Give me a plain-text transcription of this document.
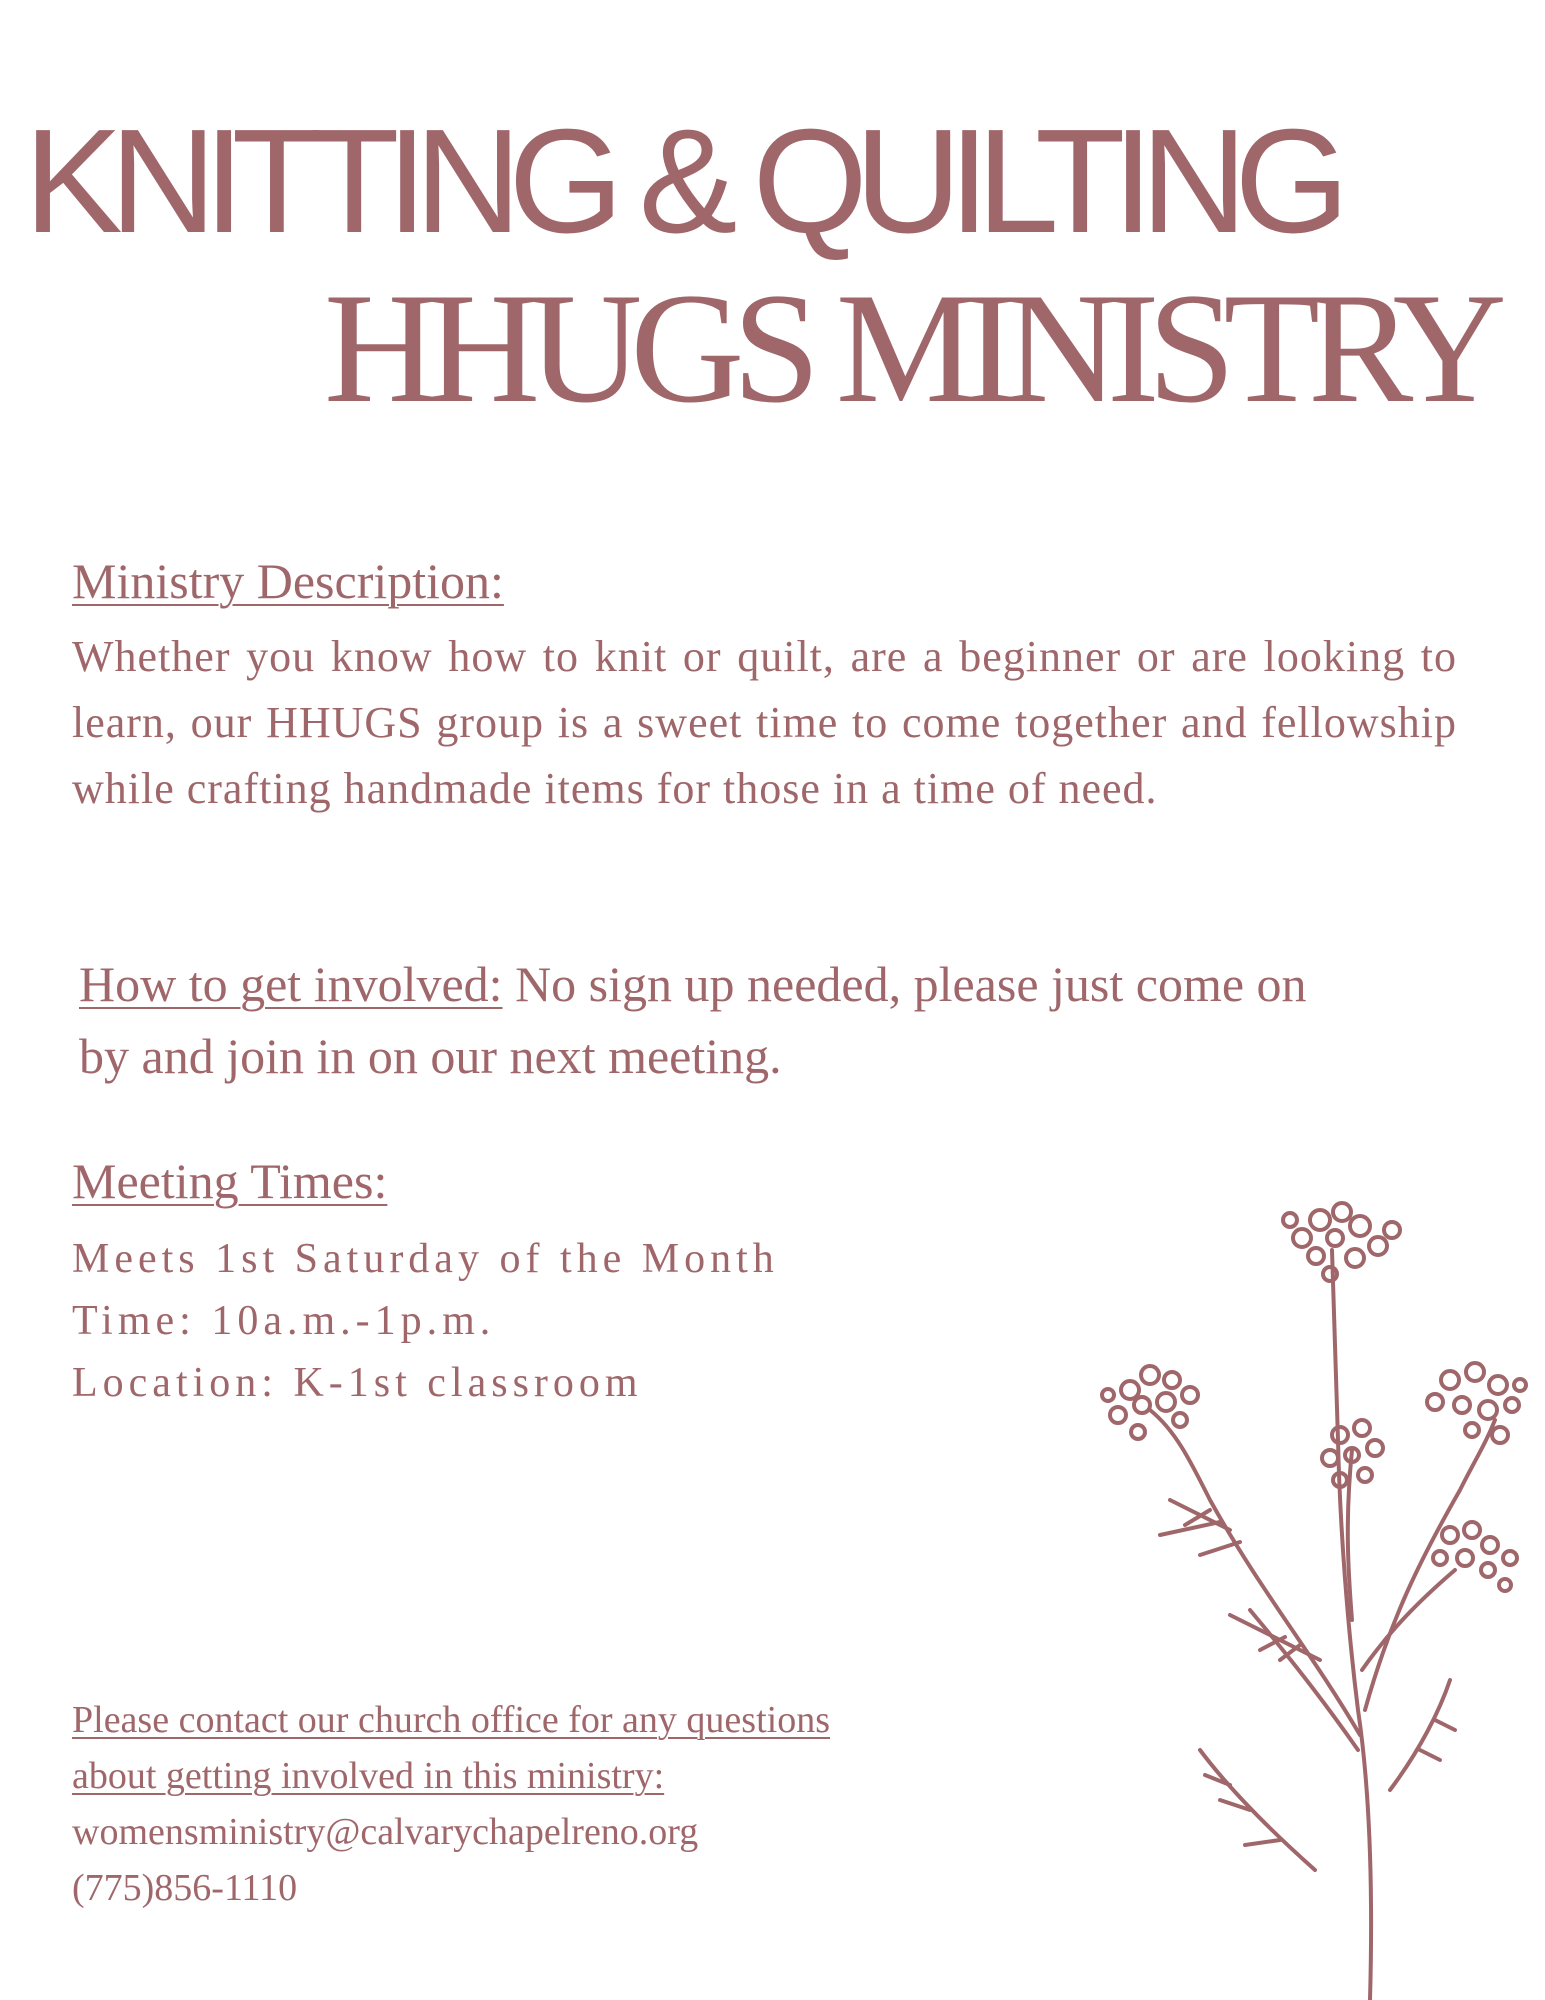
KNITTING & QUILTING
HHUGS MINISTRY
Ministry Description:

Whether you know how to knit or quilt, are a beginner or are looking to learn, our HHUGS group is a sweet time to come together and fellowship while crafting handmade items for those in a time of need.

How to get involved: No sign up needed, please just come on by and join in on our next meeting.

Meeting Times:
Meets 1st Saturday of the Month
Time: 10a.m.-1p.m.
Location: K-1st classroom
Please contact our church office for any questions
about getting involved in this ministry:
womensministry@calvarychapelreno.org
(775)856-1110
